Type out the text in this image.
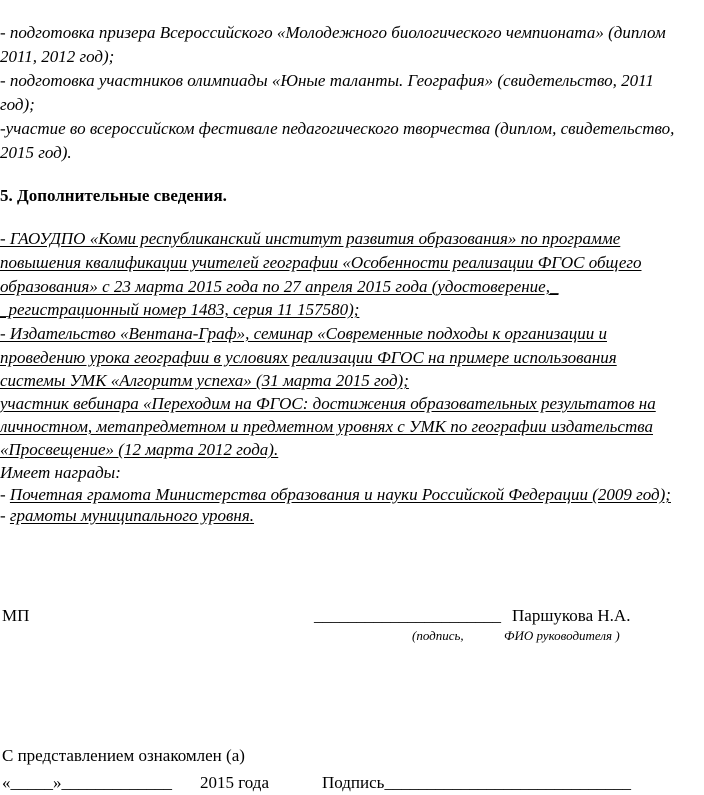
- подготовка призера Всероссийского «Молодежного биологического чемпионата» (диплом
2011, 2012 год);
- подготовка участников олимпиады «Юные таланты. География» (свидетельство, 2011
год);
-участие во всероссийском фестивале педагогического творчества (диплом, свидетельство,
2015 год).
5. Дополнительные сведения.
- ГАОУДПО «Коми республиканский институт развития образования» по программе
повышения квалификации учителей географии «Особенности реализации ФГОС общего
образования» с 23 марта 2015 года по 27 апреля 2015 года (удостоверение,_
_регистрационный номер 1483, серия 11 157580);
- Издательство «Вентана-Граф», семинар «Современные подходы к организации и
проведению урока географии в условиях реализации ФГОС на примере использования
системы УМК «Алгоритм успеха» (31 марта 2015 год);
участник вебинара «Переходим на ФГОС: достижения образовательных результатов на
личностном, метапредметном и предметном уровнях с УМК по географии издательства
«Просвещение» (12 марта 2012 года).
Имеет награды:
- Почетная грамота Министерства образования и науки Российской Федерации (2009 год);
- грамоты муниципального уровня.
МП	______________________ Паршукова Н.А.
(подпись,	ФИО руководителя )
С представлением ознакомлен (а)
«_____»_____________ 2015 года	Подпись_____________________________
